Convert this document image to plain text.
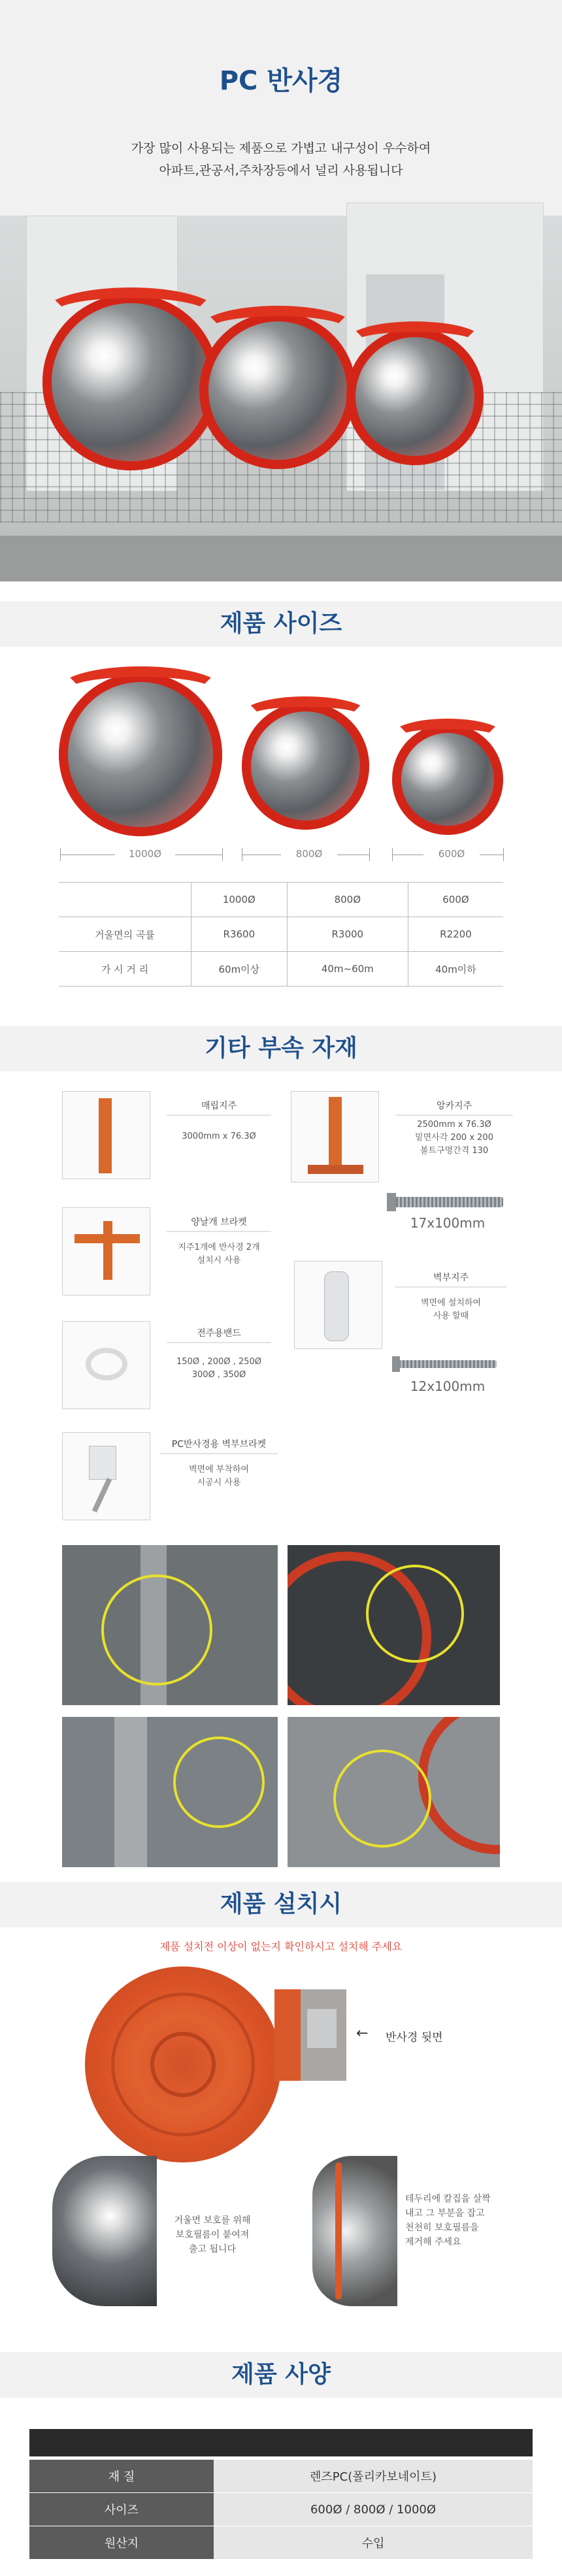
PC 반사경
가장 많이 사용되는 제품으로 가볍고 내구성이 우수하여
아파트,관공서,주차장등에서 널리 사용됩니다
제품 사이즈
1000Ø	800Ø	600Ø
	1000Ø	800Ø	600Ø
거울면의 곡률	R3600	R3000	R2200
가 시 거 리	60m이상	40m~60m	40m이하
기타 부속 자재
매립지주
3000mm x 76.3Ø
앙카지주
2500mm x 76.3Ø
밑면사각 200 x 200
볼트구멍간격 130
17x100mm
양날개 브라켓
지주1개에 반사경 2개
설치시 사용
벽부지주
벽면에 설치하여
사용 할때
12x100mm
전주용밴드
150Ø , 200Ø , 250Ø
300Ø , 350Ø
PC반사경용 벽부브라켓
벽면에 부착하여
시공시 사용
제품 설치시
제품 설치전 이상이 없는지 확인하시고 설치해 주세요
← 반사경 뒷면
거울면 보호를 위해
보호필름이 붙여져
출고 됩니다
테두리에 칼집을 살짝
내고 그 부분을 잡고
천천히 보호필름을
제거해 주세요
제품 사양
재 질	렌즈PC(폴리카보네이트)
사이즈	600Ø / 800Ø / 1000Ø
원산지	수입
